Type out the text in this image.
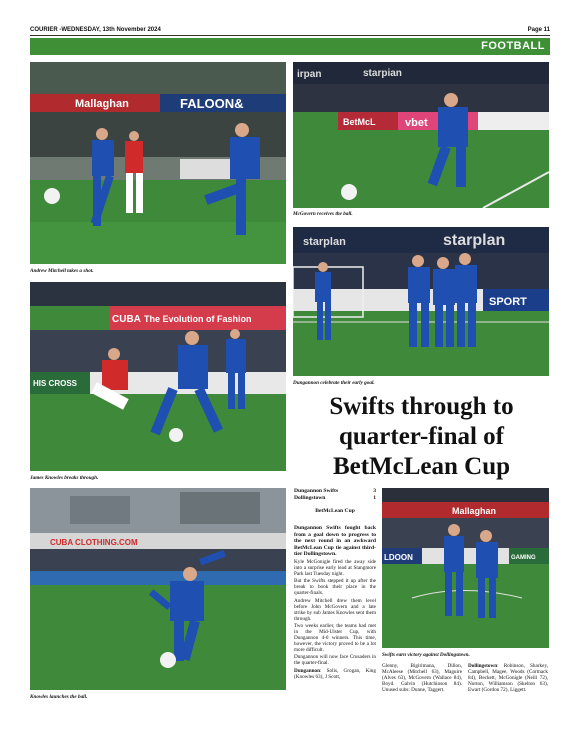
COURIER -WEDNESDAY, 13th November 2024	Page 11
FOOTBALL
Mallaghan	FALOON&
Andrew Mitchell takes a shot.
irpan	starpian
BetMcL	vbet
McGovern receives the ball.
starplan	starplan
SPORT
Dungannon celebrate their early goal.
CUBA The Evolution of Fashion
HIS CROSS
James Knowles breaks through.
CUBA CLOTHING.COM
Knowles launches the ball.
Mallaghan
LDOON	GAMING
Swifts earn victory against Dollingstown.
Swifts through to quarter-final of BetMcLean Cup
Dungannon Swifts	3
Dollingstown	1
BetMcLean Cup

Dungannon Swifts fought back from a goal down to progress to the next round in an awkward BetMcLean Cup tie against third-tier Dollingstown.

Kyle McGonigle fired the away side into a surprise early lead at Stangmore Park last Tuesday night.

But the Swifts stepped it up after the break to book their place in the quarter-finals.

Andrew Mitchell drew them level before John McGovern and a late strike by sub James Knowles sent them through.

Two weeks earlier, the teams had met in the Mid-Ulster Cup, with Dungannon 4-0 winners. This time, however, the victory proved to be a lot more difficult.

Dungannon will now face Crusaders in the quarter-final.

Dungannon: Solis, Grogan, King (Knowles 63), J Scott,

Glenny, Bigirimana, Dillon, McAleese (Mitchell 63), Maguire (Alves 63), McGovern (Wallace 84), Boyd. Galvin (Hutchinson 84). Unused subs: Dunne, Taggert.
Dollingstown: Robinson, Sharkey, Campbell, Magee, Woods (Cormack 84), Beckett, McGonigle (Neill 72), Norton, Williamson (Skelton 63), Ewart (Gordon 72), Liggett.
